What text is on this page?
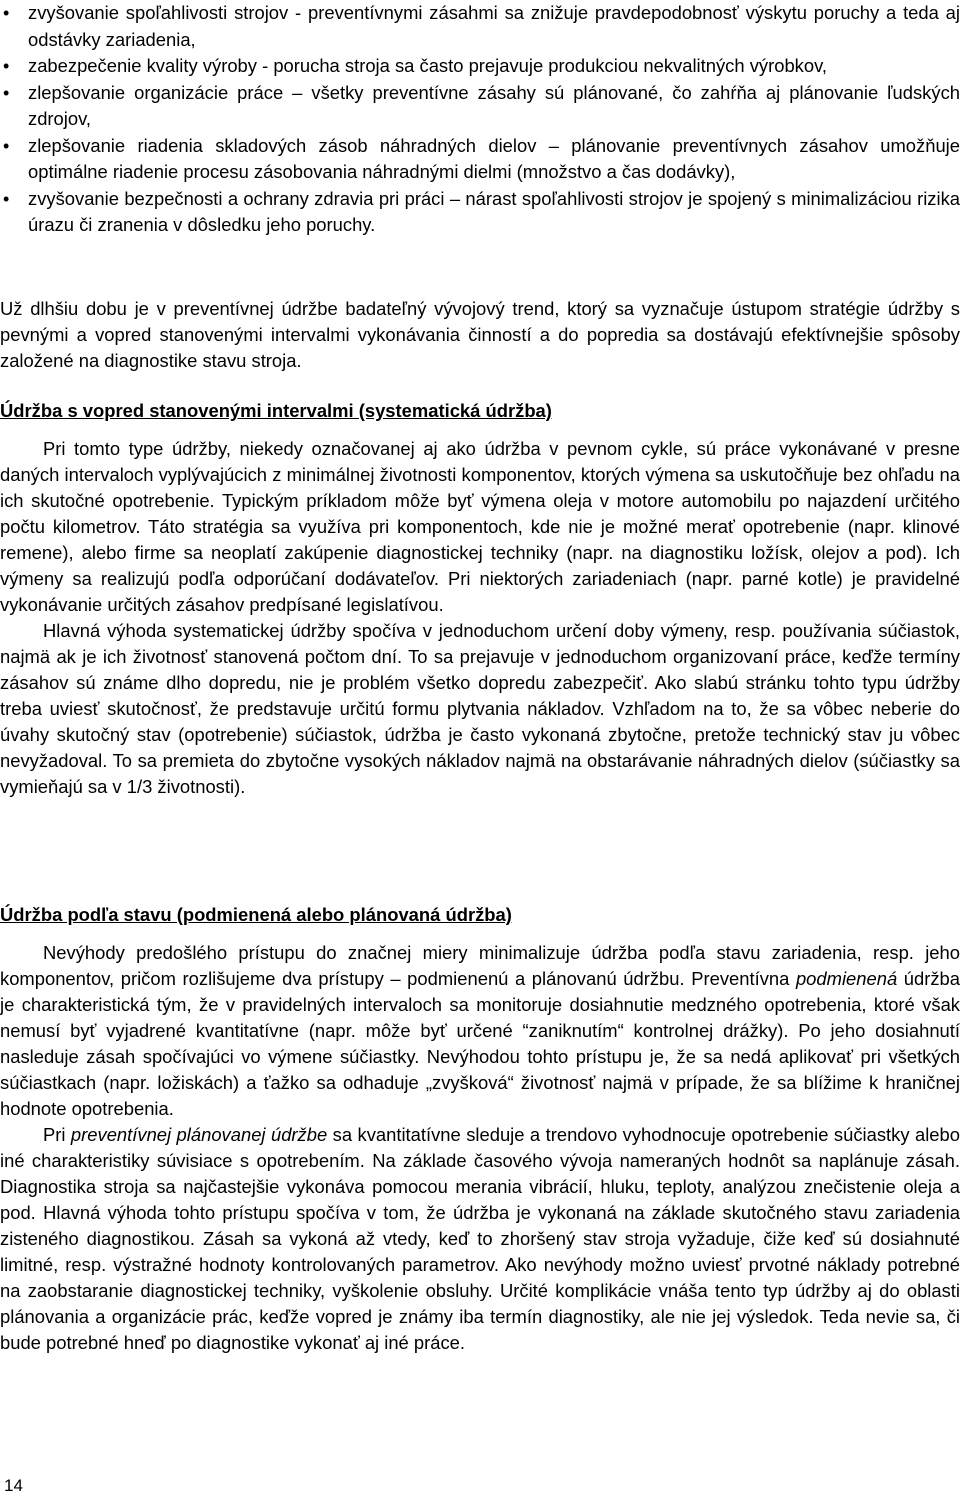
• zvyšovanie spoľahlivosti strojov - preventívnymi zásahmi sa znižuje pravdepodobnosť výskytu poruchy a teda aj odstávky zariadenia,
• zabezpečenie kvality výroby - porucha stroja sa často prejavuje produkciou nekvalitných výrobkov,
• zlepšovanie organizácie práce – všetky preventívne zásahy sú plánované, čo zahŕňa aj plánovanie ľudských zdrojov,
• zlepšovanie riadenia skladových zásob náhradných dielov – plánovanie preventívnych zásahov umožňuje optimálne riadenie procesu zásobovania náhradnými dielmi (množstvo a čas dodávky),
• zvyšovanie bezpečnosti a ochrany zdravia pri práci – nárast spoľahlivosti strojov je spojený s minimalizáciou rizika úrazu či zranenia v dôsledku jeho poruchy.

Už dlhšiu dobu je v preventívnej údržbe badateľný vývojový trend, ktorý sa vyznačuje ústupom stratégie údržby s pevnými a vopred stanovenými intervalmi vykonávania činností a do popredia sa dostávajú efektívnejšie spôsoby založené na diagnostike stavu stroja.

Údržba s vopred stanovenými intervalmi (systematická údržba)

Pri tomto type údržby, niekedy označovanej aj ako údržba v pevnom cykle, sú práce vykonávané v presne daných intervaloch vyplývajúcich z minimálnej životnosti komponentov, ktorých výmena sa uskutočňuje bez ohľadu na ich skutočné opotrebenie. Typickým príkladom môže byť výmena oleja v motore automobilu po najazdení určitého počtu kilometrov. Táto stratégia sa využíva pri komponentoch, kde nie je možné merať opotrebenie (napr. klinové remene), alebo firme sa neoplatí zakúpenie diagnostickej techniky (napr. na diagnostiku ložísk, olejov a pod). Ich výmeny sa realizujú podľa odporúčaní dodávateľov. Pri niektorých zariadeniach (napr. parné kotle) je pravidelné vykonávanie určitých zásahov predpísané legislatívou.

Hlavná výhoda systematickej údržby spočíva v jednoduchom určení doby výmeny, resp. používania súčiastok, najmä ak je ich životnosť stanovená počtom dní. To sa prejavuje v jednoduchom organizovaní práce, keďže termíny zásahov sú známe dlho dopredu, nie je problém všetko dopredu zabezpečiť. Ako slabú stránku tohto typu údržby treba uviesť skutočnosť, že predstavuje určitú formu plytvania nákladov. Vzhľadom na to, že sa vôbec neberie do úvahy skutočný stav (opotrebenie) súčiastok, údržba je často vykonaná zbytočne, pretože technický stav ju vôbec nevyžadoval. To sa premieta do zbytočne vysokých nákladov najmä na obstarávanie náhradných dielov (súčiastky sa vymieňajú sa v 1/3 životnosti).

Údržba podľa stavu (podmienená alebo plánovaná údržba)

Nevýhody predošlého prístupu do značnej miery minimalizuje údržba podľa stavu zariadenia, resp. jeho komponentov, pričom rozlišujeme dva prístupy – podmienenú a plánovanú údržbu. Preventívna podmienená údržba je charakteristická tým, že v pravidelných intervaloch sa monitoruje dosiahnutie medzného opotrebenia, ktoré však nemusí byť vyjadrené kvantitatívne (napr. môže byť určené “zaniknutím“ kontrolnej drážky). Po jeho dosiahnutí nasleduje zásah spočívajúci vo výmene súčiastky. Nevýhodou tohto prístupu je, že sa nedá aplikovať pri všetkých súčiastkach (napr. ložiskách) a ťažko sa odhaduje „zvyšková“ životnosť najmä v prípade, že sa blížime k hraničnej hodnote opotrebenia.

Pri preventívnej plánovanej údržbe sa kvantitatívne sleduje a trendovo vyhodnocuje opotrebenie súčiastky alebo iné charakteristiky súvisiace s opotrebením. Na základe časového vývoja nameraných hodnôt sa naplánuje zásah. Diagnostika stroja sa najčastejšie vykonáva pomocou merania vibrácií, hluku, teploty, analýzou znečistenie oleja a pod. Hlavná výhoda tohto prístupu spočíva v tom, že údržba je vykonaná na základe skutočného stavu zariadenia zisteného diagnostikou. Zásah sa vykoná až vtedy, keď to zhoršený stav stroja vyžaduje, čiže keď sú dosiahnuté limitné, resp. výstražné hodnoty kontrolovaných parametrov. Ako nevýhody možno uviesť prvotné náklady potrebné na zaobstaranie diagnostickej techniky, vyškolenie obsluhy. Určité komplikácie vnáša tento typ údržby aj do oblasti plánovania a organizácie prác, keďže vopred je známy iba termín diagnostiky, ale nie jej výsledok. Teda nevie sa, či bude potrebné hneď po diagnostike vykonať aj iné práce.

14
